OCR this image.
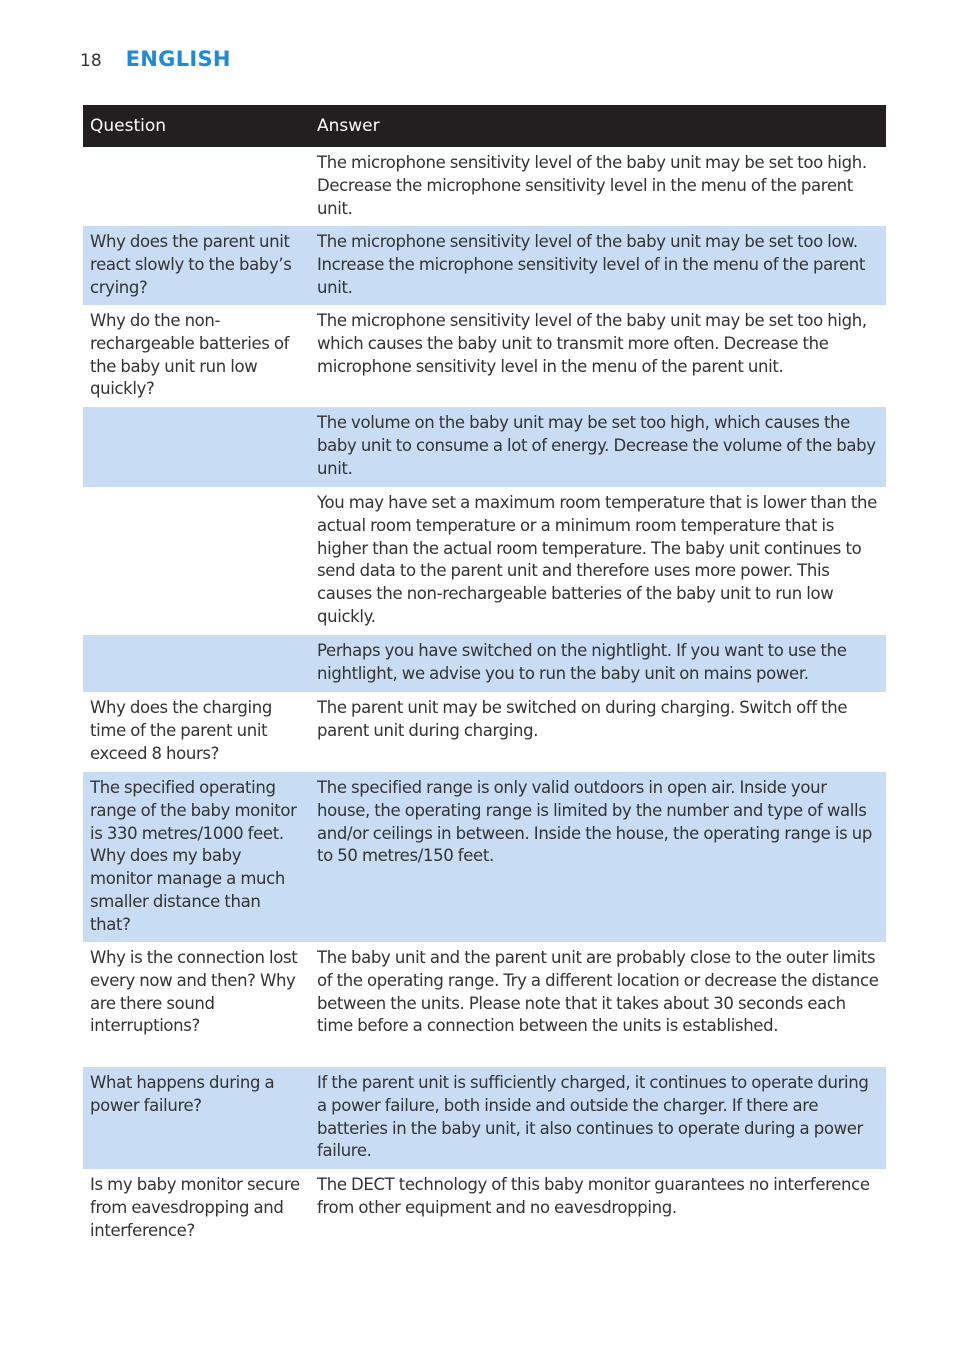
18 ENGLISH
Question	Answer
	The microphone sensitivity level of the baby unit may be set too high. Decrease the microphone sensitivity level in the menu of the parent unit.
Why does the parent unit react slowly to the baby’s crying?	The microphone sensitivity level of the baby unit may be set too low. Increase the microphone sensitivity level of in the menu of the parent unit.
Why do the non-rechargeable batteries of the baby unit run low quickly?	The microphone sensitivity level of the baby unit may be set too high, which causes the baby unit to transmit more often. Decrease the microphone sensitivity level in the menu of the parent unit.
	The volume on the baby unit may be set too high, which causes the baby unit to consume a lot of energy. Decrease the volume of the baby unit.
	You may have set a maximum room temperature that is lower than the actual room temperature or a minimum room temperature that is higher than the actual room temperature. The baby unit continues to send data to the parent unit and therefore uses more power. This causes the non-rechargeable batteries of the baby unit to run low quickly.
	Perhaps you have switched on the nightlight. If you want to use the nightlight, we advise you to run the baby unit on mains power.
Why does the charging time of the parent unit exceed 8 hours?	The parent unit may be switched on during charging. Switch off the parent unit during charging.
The specified operating range of the baby monitor is 330 metres/1000 feet. Why does my baby monitor manage a much smaller distance than that?	The specified range is only valid outdoors in open air. Inside your house, the operating range is limited by the number and type of walls and/or ceilings in between. Inside the house, the operating range is up to 50 metres/150 feet.
Why is the connection lost every now and then? Why are there sound interruptions?	The baby unit and the parent unit are probably close to the outer limits of the operating range. Try a different location or decrease the distance between the units. Please note that it takes about 30 seconds each time before a connection between the units is established.
What happens during a power failure?	If the parent unit is sufficiently charged, it continues to operate during a power failure, both inside and outside the charger. If there are batteries in the baby unit, it also continues to operate during a power failure.
Is my baby monitor secure from eavesdropping and interference?	The DECT technology of this baby monitor guarantees no interference from other equipment and no eavesdropping.
